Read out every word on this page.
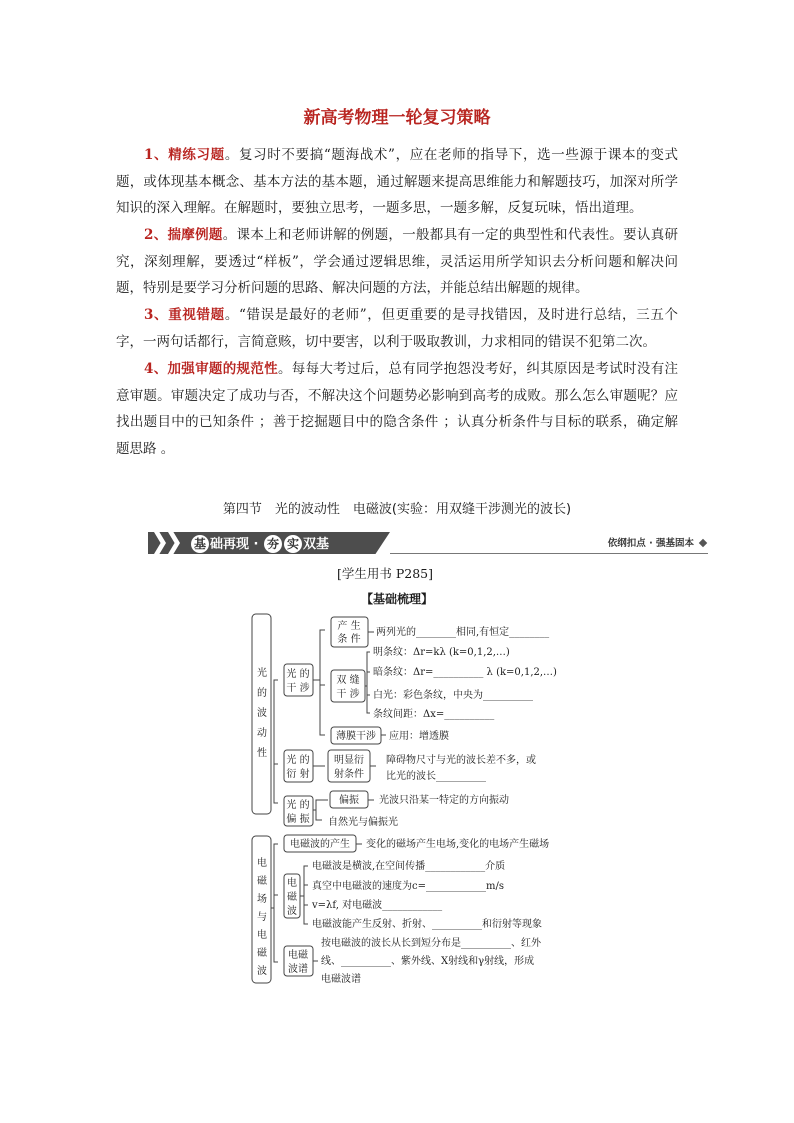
新高考物理一轮复习策略
1、精练习题。复习时不要搞“题海战术”，应在老师的指导下，选一些源于课本的变式题，或体现基本概念、基本方法的基本题，通过解题来提高思维能力和解题技巧，加深对所学知识的深入理解。在解题时，要独立思考，一题多思，一题多解，反复玩味，悟出道理。
2、揣摩例题。课本上和老师讲解的例题，一般都具有一定的典型性和代表性。要认真研究，深刻理解，要透过“样板”，学会通过逻辑思维，灵活运用所学知识去分析问题和解决问题，特别是要学习分析问题的思路、解决问题的方法，并能总结出解题的规律。
3、重视错题。“错误是最好的老师”，但更重要的是寻找错因，及时进行总结，三五个字，一两句话都行，言简意赅，切中要害，以利于吸取教训，力求相同的错误不犯第二次。
4、加强审题的规范性。每每大考过后，总有同学抱怨没考好，纠其原因是考试时没有注意审题。审题决定了成功与否，不解决这个问题势必影响到高考的成败。那么怎么审题呢？应找出题目中的已知条件 ；善于挖掘题目中的隐含条件 ；认真分析条件与目标的联系，确定解题思路 。
第四节　光的波动性　电磁波(实验：用双缝干涉测光的波长)
基 础再现 · 夯 实 双基	依纲扣点 · 强基固本
[学生用书 P285]
【基础梳理】
光
的
波
动
性
光 的
干 涉
产 生
条 件
两列光的________相同,有恒定________
双 缝
干 涉
明条纹：Δr=kλ (k=0,1,2,…)
暗条纹：Δr=__________ λ (k=0,1,2,…)
白光：彩色条纹，中央为__________
条纹间距：Δx=__________
薄膜干涉 应用：增透膜
光 的
衍 射
明显衍
射条件
障碍物尺寸与光的波长差不多，或
比光的波长__________
光 的
偏 振
偏振 光波只沿某一特定的方向振动
自然光与偏振光
电
磁
场
与
电
磁
波
电磁波的产生 变化的磁场产生电场,变化的电场产生磁场
电
磁
波
电磁波是横波,在空间传播____________介质
真空中电磁波的速度为c=____________m/s
v=λf, 对电磁波____________
电磁波能产生反射、折射、__________和衍射等现象
电磁
波谱
按电磁波的波长从长到短分布是__________、红外
线、__________、紫外线、X射线和γ射线，形成
电磁波谱
